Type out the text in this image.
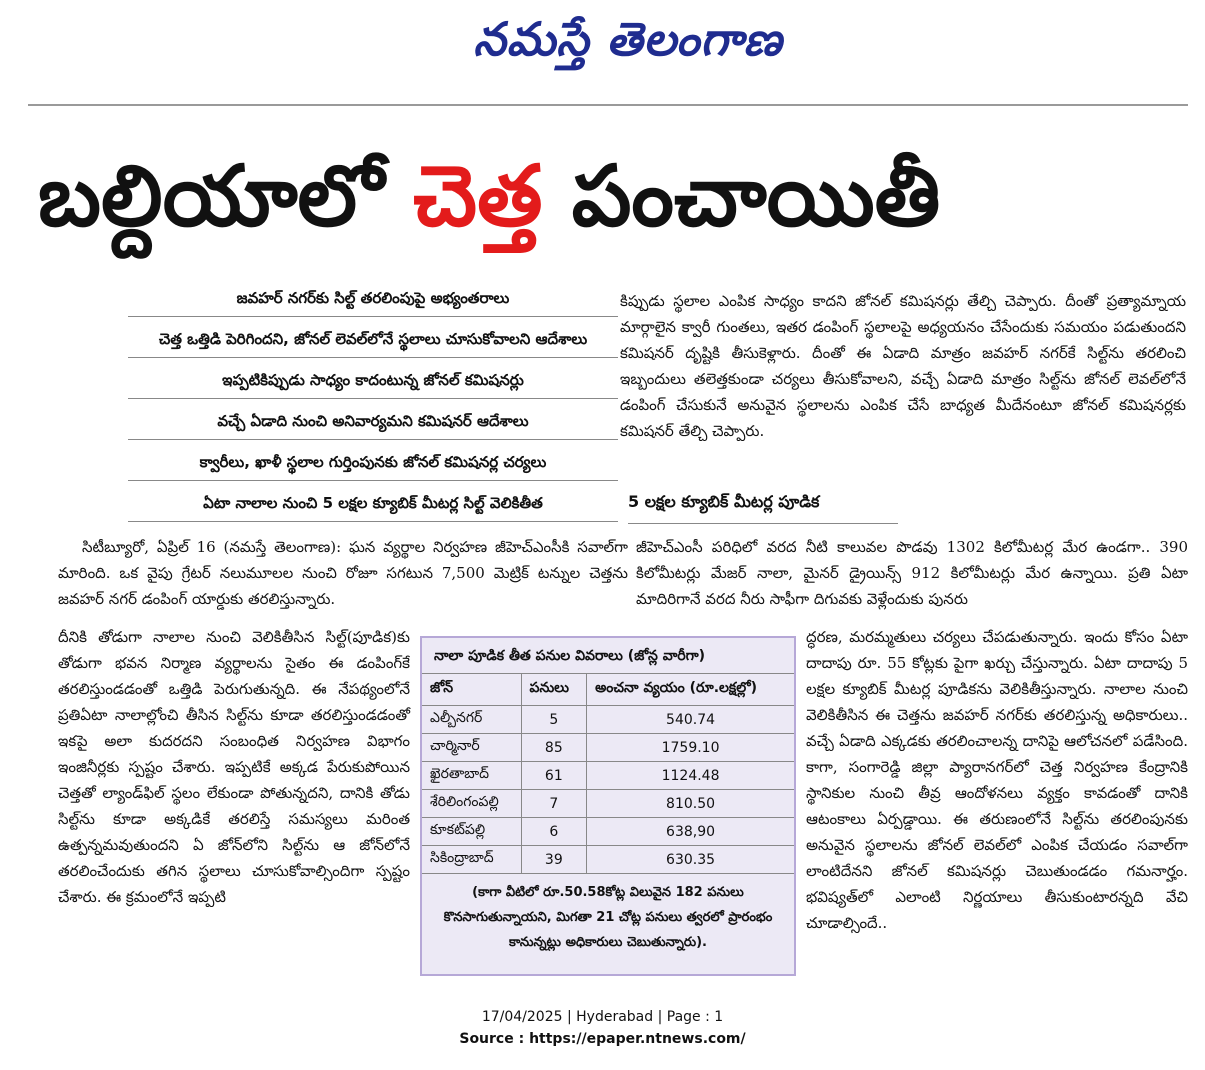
నమస్తే తెలంగాణ
బల్దియాలో చెత్త పంచాయితీ
జవహర్ నగర్‌కు సిల్ట్ తరలింపుపై అభ్యంతరాలు
చెత్త ఒత్తిడి పెరిగిందని, జోనల్ లెవల్‌లోనే స్థలాలు చూసుకోవాలని ఆదేశాలు
ఇప్పటికిప్పుడు సాధ్యం కాదంటున్న జోనల్ కమిషనర్లు
వచ్చే ఏడాది నుంచి అనివార్యమని కమిషనర్ ఆదేశాలు
క్వారీలు, ఖాళీ స్థలాల గుర్తింపునకు జోనల్ కమిషనర్ల చర్యలు
ఏటా నాలాల నుంచి 5 లక్షల క్యూబిక్ మీటర్ల సిల్ట్ వెలికితీత
కిప్పుడు స్థలాల ఎంపిక సాధ్యం కాదని జోనల్ కమిషనర్లు తేల్చి చెప్పారు. దీంతో ప్రత్యామ్నాయ మార్గాలైన క్వారీ గుంతలు, ఇతర డంపింగ్ స్థలాలపై అధ్యయనం చేసేందుకు సమయం పడుతుందని కమిషనర్ దృష్టికి తీసుకెళ్లారు. దీంతో ఈ ఏడాది మాత్రం జవహర్ నగర్‌కే సిల్ట్‌ను తరలించి ఇబ్బందులు తలెత్తకుండా చర్యలు తీసుకోవాలని, వచ్చే ఏడాది మాత్రం సిల్ట్‌ను జోనల్ లెవల్‌లోనే డంపింగ్ చేసుకునే అనువైన స్థలాలను ఎంపిక చేసే బాధ్యత మీదేనంటూ జోనల్ కమిషనర్లకు కమిషనర్ తేల్చి చెప్పారు.
5 లక్షల క్యూబిక్ మీటర్ల పూడిక
జీహెచ్‌ఎంసీ పరిధిలో వరద నీటి కాలువల పొడవు 1302 కిలోమీటర్ల మేర ఉండగా.. 390 కిలోమీటర్లు మేజర్ నాలా, మైనర్ డ్రైయిన్స్ 912 కిలోమీటర్లు మేర ఉన్నాయి. ప్రతి ఏటా మాదిరిగానే వరద నీరు సాఫీగా దిగువకు వెళ్లేందుకు పునరు
సిటీబ్యూరో, ఏప్రిల్ 16 (నమస్తే తెలంగాణ): ఘన వ్యర్థాల నిర్వహణ జీహెచ్‌ఎంసీకి సవాల్‌గా మారింది. ఒక వైపు గ్రేటర్ నలుమూలల నుంచి రోజూ సగటున 7,500 మెట్రిక్ టన్నుల చెత్తను జవహర్ నగర్ డంపింగ్ యార్డుకు తరలిస్తున్నారు.
దీనికి తోడుగా నాలాల నుంచి వెలికితీసిన సిల్ట్(పూడిక)కు తోడుగా భవన నిర్మాణ వ్యర్థాలను సైతం ఈ డంపింగ్‌కే తరలిస్తుండడంతో ఒత్తిడి పెరుగుతున్నది. ఈ నేపథ్యంలోనే ప్రతిఏటా నాలాల్లోంచి తీసిన సిల్ట్‌ను కూడా తరలిస్తుండడంతో ఇకపై అలా కుదరదని సంబంధిత నిర్వహణ విభాగం ఇంజినీర్లకు స్పష్టం చేశారు. ఇప్పటికే అక్కడ పేరుకుపోయిన చెత్తతో ల్యాండ్‌ఫిల్ స్థలం లేకుండా పోతున్నదని, దానికి తోడు సిల్ట్‌ను కూడా అక్కడికే తరలిస్తే సమస్యలు మరింత ఉత్పన్నమవుతుందని ఏ జోన్‌లోని సిల్ట్‌ను ఆ జోన్‌లోనే తరలించేందుకు తగిన స్థలాలు చూసుకోవాల్సిందిగా స్పష్టం చేశారు. ఈ క్రమంలోనే ఇప్పటి
నాలా పూడిక తీత పనుల వివరాలు (జోన్ల వారీగా)
జోన్	పనులు	అంచనా వ్యయం (రూ.లక్షల్లో)
ఎల్బీనగర్	5	540.74
చార్మినార్	85	1759.10
ఖైరతాబాద్	61	1124.48
శేరిలింగంపల్లి	7	810.50
కూకట్‌పల్లి	6	638,90
సికింద్రాబాద్	39	630.35
(కాగా వీటిలో రూ.50.58కోట్ల విలువైన 182 పనులు కొనసాగుతున్నాయని, మిగతా 21 చోట్ల పనులు త్వరలో ప్రారంభం కానున్నట్లు అధికారులు చెబుతున్నారు).
ద్ధరణ, మరమ్మతులు చర్యలు చేపడుతున్నారు. ఇందు కోసం ఏటా దాదాపు రూ. 55 కోట్లకు పైగా ఖర్చు చేస్తున్నారు. ఏటా దాదాపు 5 లక్షల క్యూబిక్ మీటర్ల పూడికను వెలికితీస్తున్నారు. నాలాల నుంచి వెలికితీసిన ఈ చెత్తను జవహర్ నగర్‌కు తరలిస్తున్న అధికారులు.. వచ్చే ఏడాది ఎక్కడకు తరలించాలన్న దానిపై ఆలోచనలో పడేసింది. కాగా, సంగారెడ్డి జిల్లా ప్యారానగర్‌లో చెత్త నిర్వహణ కేంద్రానికి స్థానికుల నుంచి తీవ్ర ఆందోళనలు వ్యక్తం కావడంతో దానికి ఆటంకాలు ఏర్పడ్డాయి. ఈ తరుణంలోనే సిల్ట్‌ను తరలింపునకు అనువైన స్థలాలను జోనల్ లెవల్‌లో ఎంపిక చేయడం సవాల్‌గా లాంటిదేనని జోనల్ కమిషనర్లు చెబుతుండడం గమనార్హం. భవిష్యత్‌లో ఎలాంటి నిర్ణయాలు తీసుకుంటారన్నది వేచి చూడాల్సిందే..
17/04/2025 | Hyderabad | Page : 1
Source : https://epaper.ntnews.com/
